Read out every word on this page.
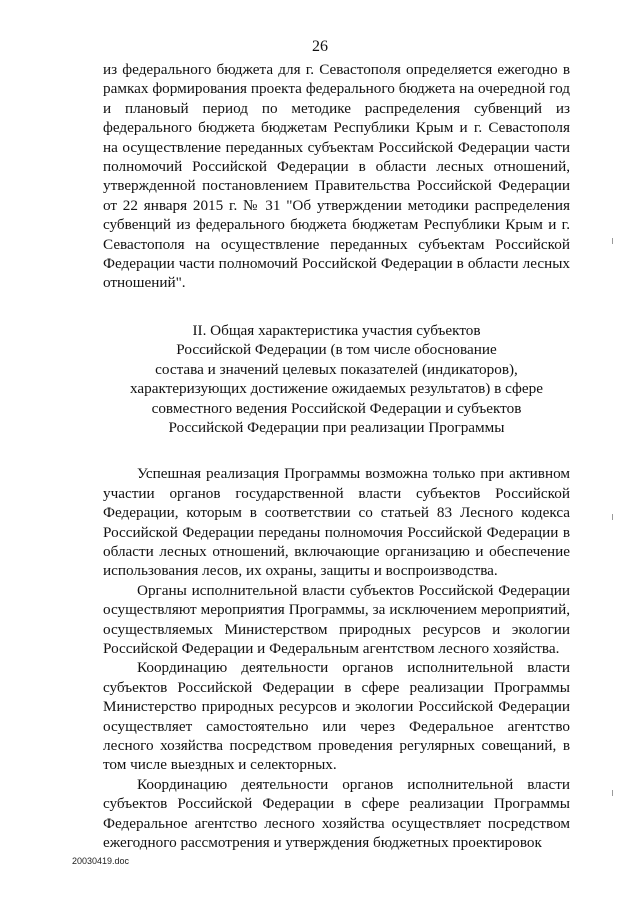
26

из федерального бюджета для г. Севастополя определяется ежегодно в рамках формирования проекта федерального бюджета на очередной год и плановый период по методике распределения субвенций из федерального бюджета бюджетам Республики Крым и г. Севастополя на осуществление переданных субъектам Российской Федерации части полномочий Российской Федерации в области лесных отношений, утвержденной постановлением Правительства Российской Федерации от 22 января 2015 г. № 31 "Об утверждении методики распределения субвенций из федерального бюджета бюджетам Республики Крым и г. Севастополя на осуществление переданных субъектам Российской Федерации части полномочий Российской Федерации в области лесных отношений".

II. Общая характеристика участия субъектов
Российской Федерации (в том числе обоснование
состава и значений целевых показателей (индикаторов),
характеризующих достижение ожидаемых результатов) в сфере
совместного ведения Российской Федерации и субъектов
Российской Федерации при реализации Программы

Успешная реализация Программы возможна только при активном участии органов государственной власти субъектов Российской Федерации, которым в соответствии со статьей 83 Лесного кодекса Российской Федерации переданы полномочия Российской Федерации в области лесных отношений, включающие организацию и обеспечение использования лесов, их охраны, защиты и воспроизводства.

Органы исполнительной власти субъектов Российской Федерации осуществляют мероприятия Программы, за исключением мероприятий, осуществляемых Министерством природных ресурсов и экологии Российской Федерации и Федеральным агентством лесного хозяйства.

Координацию деятельности органов исполнительной власти субъектов Российской Федерации в сфере реализации Программы Министерство природных ресурсов и экологии Российской Федерации осуществляет самостоятельно или через Федеральное агентство лесного хозяйства посредством проведения регулярных совещаний, в том числе выездных и селекторных.

Координацию деятельности органов исполнительной власти субъектов Российской Федерации в сфере реализации Программы Федеральное агентство лесного хозяйства осуществляет посредством ежегодного рассмотрения и утверждения бюджетных проектировок

20030419.doc
